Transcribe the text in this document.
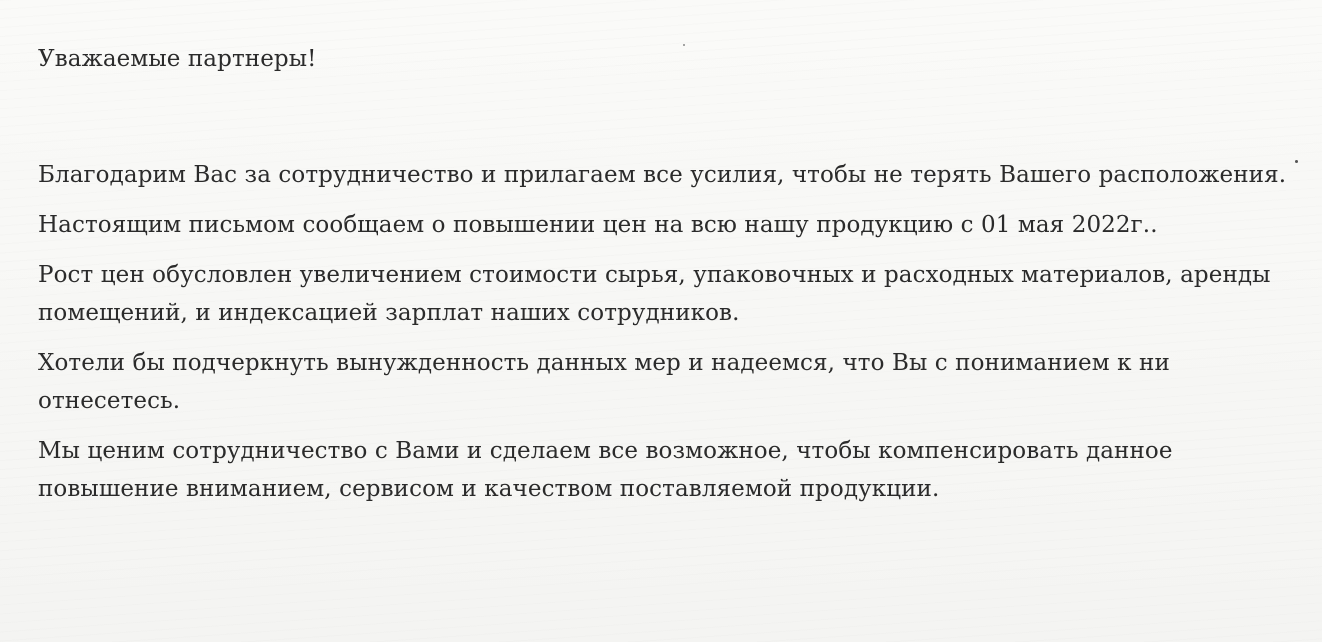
Уважаемые партнеры!

Благодарим Вас за сотрудничество и прилагаем все усилия, чтобы не терять Вашего расположения.

Настоящим письмом сообщаем о повышении цен на всю нашу продукцию с 01 мая 2022г..

Рост цен обусловлен увеличением стоимости сырья, упаковочных и расходных материалов, аренды помещений, и индексацией зарплат наших сотрудников.

Хотели бы подчеркнуть вынужденность данных мер и надеемся, что Вы с пониманием к ни отнесетесь.

Мы ценим сотрудничество с Вами и сделаем все возможное, чтобы компенсировать данное повышение вниманием, сервисом и качеством поставляемой продукции.
